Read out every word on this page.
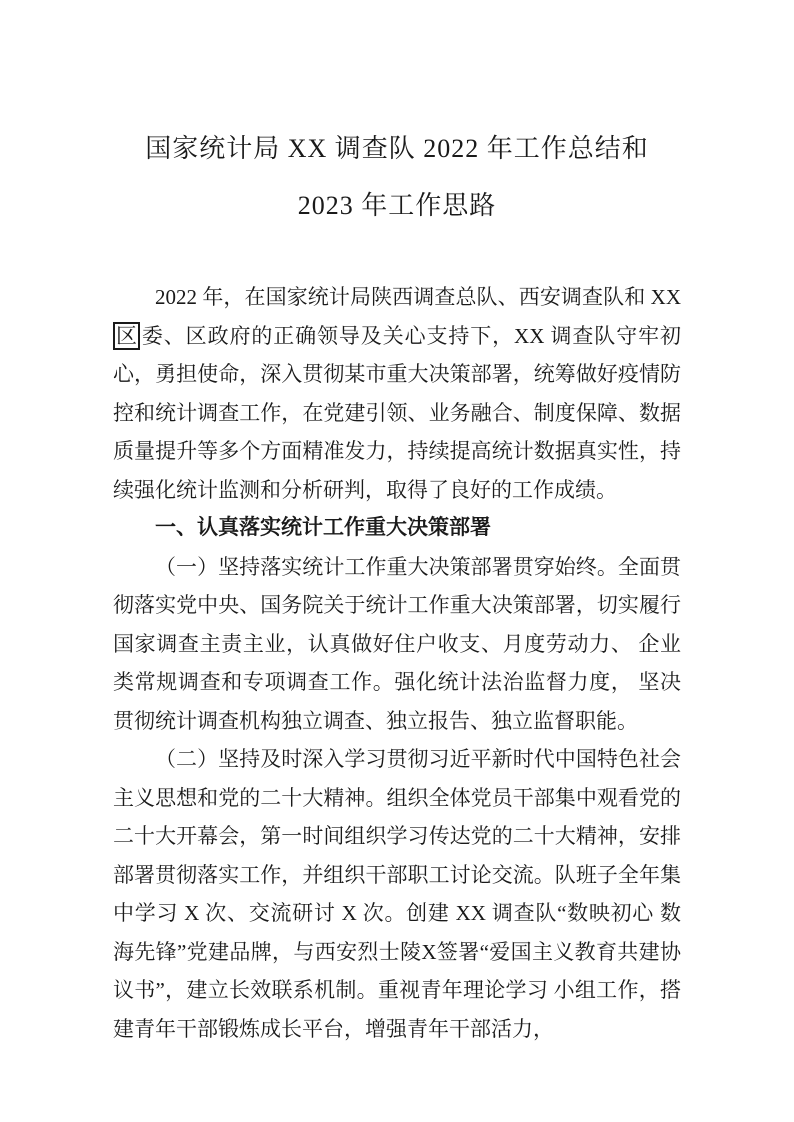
国家统计局 XX 调查队 2022 年工作总结和
2023 年工作思路

2022 年，在国家统计局陕西调查总队、西安调查队和 XX区 委、区政府的正确领导及关心支持下，XX 调查队守牢初心，勇担使命，深入贯彻某市重大决策部署，统筹做好疫情防控和统计调查工作，在党建引领、业务融合、制度保障、数据质量提升等多个方面精准发力，持续提高统计数据真实性，持续强化统计监测和分析研判，取得了良好的工作成绩。

一、认真落实统计工作重大决策部署

（一）坚持落实统计工作重大决策部署贯穿始终。全面贯彻落实党中央、国务院关于统计工作重大决策部署，切实履行国家调查主责主业，认真做好住户收支、月度劳动力、 企业类常规调查和专项调查工作。强化统计法治监督力度， 坚决贯彻统计调查机构独立调查、独立报告、独立监督职能。

（二）坚持及时深入学习贯彻习近平新时代中国特色社会主义思想和党的二十大精神。组织全体党员干部集中观看党的二十大开幕会，第一时间组织学习传达党的二十大精神，安排部署贯彻落实工作，并组织干部职工讨论交流。队班子全年集中学习 X 次、交流研讨 X 次。创建 XX 调查队“数映初心 数海先锋”党建品牌，与西安烈士陵X签署“爱国主义教育共建协议书”，建立长效联系机制。重视青年理论学习 小组工作，搭建青年干部锻炼成长平台，增强青年干部活力，
